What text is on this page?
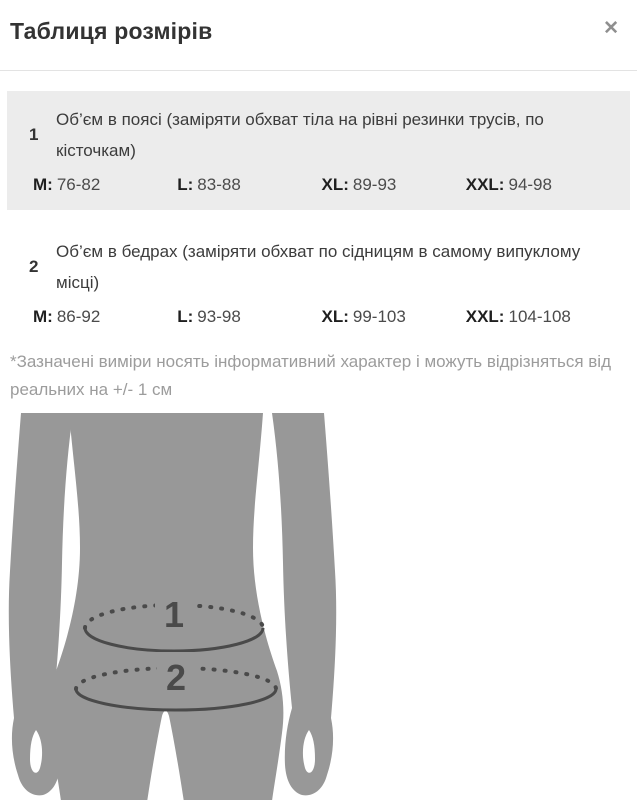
Таблиця розмірів	✕
1
Об’єм в поясі (заміряти обхват тіла на рівні резинки трусів, по кісточкам)
M: 76-82	L: 83-88	XL: 89-93	XXL: 94-98
2
Об’єм в бедрах (заміряти обхват по сідницям в самому випуклому місці)
M: 86-92	L: 93-98	XL: 99-103	XXL: 104-108

*Зазначені виміри носять інформативний характер і можуть відрізняться від реальних на +/- 1 см

1
2
